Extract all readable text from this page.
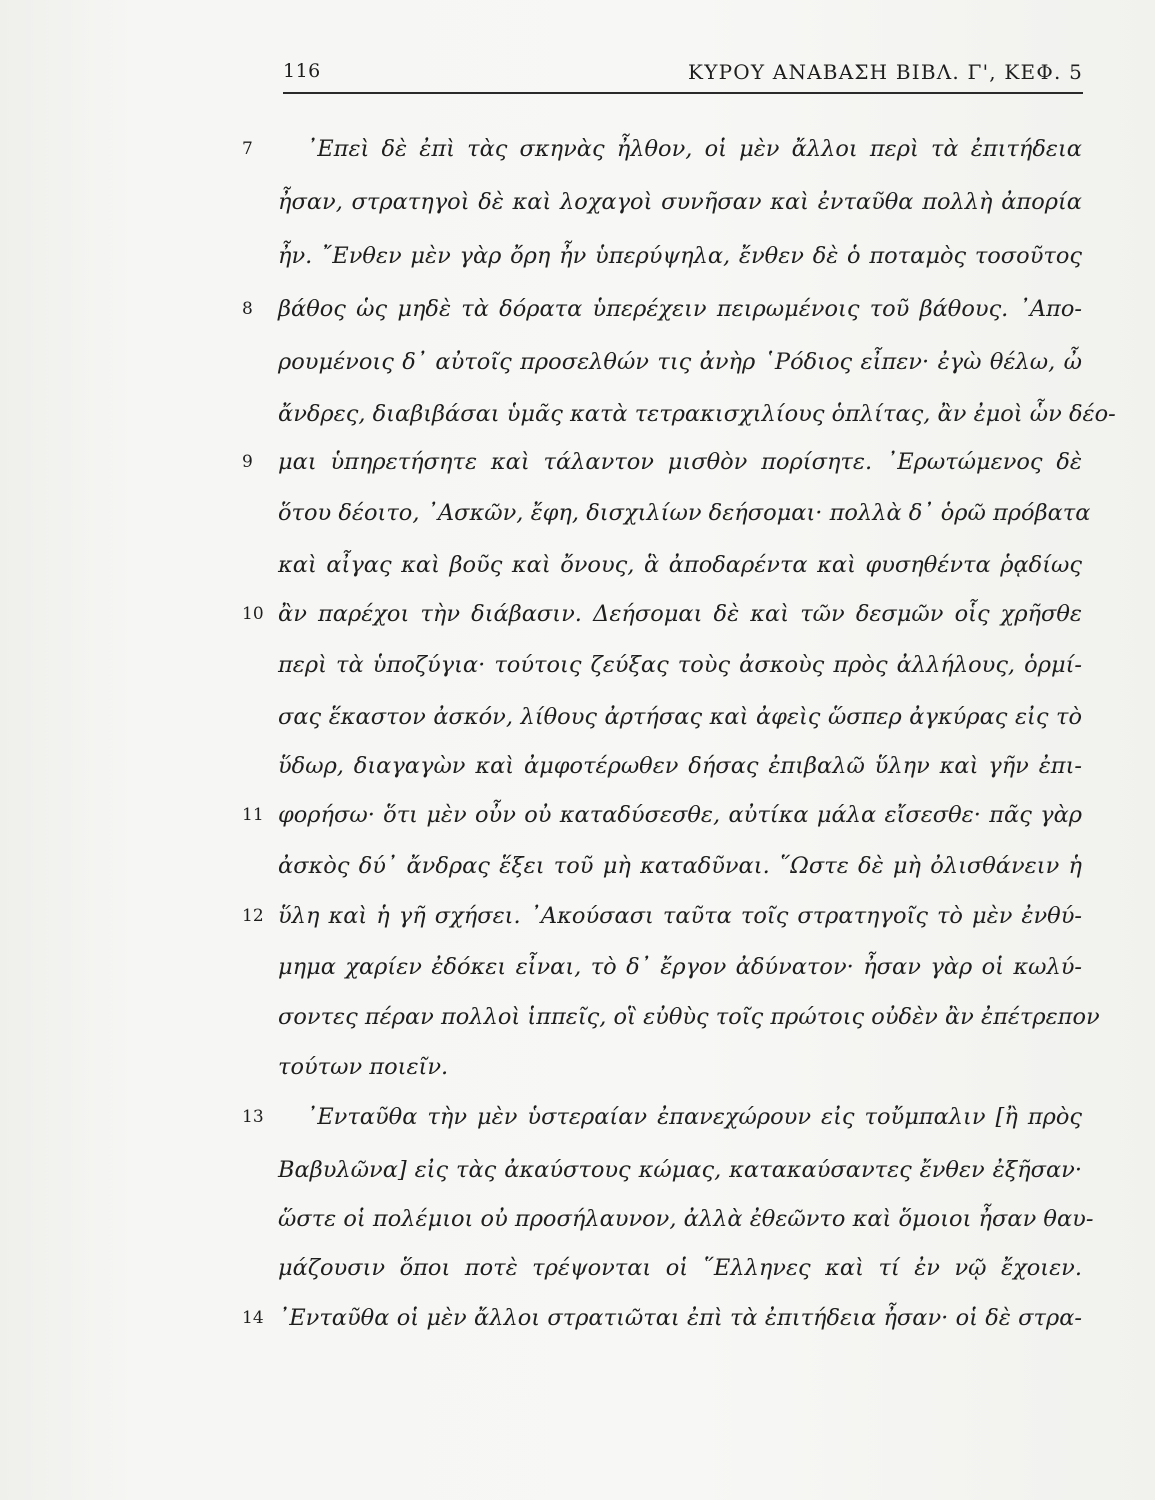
116	ΚΥΡΟΥ ΑΝΑΒΑΣΗ ΒΙΒΛ. Γ', ΚΕΦ. 5
7	᾿Επεὶ δὲ ἐπὶ τὰς σκηνὰς ἦλθον, οἱ μὲν ἄλλοι περὶ τὰ ἐπιτήδεια
ἦσαν, στρατηγοὶ δὲ καὶ λοχαγοὶ συνῆσαν καὶ ἐνταῦθα πολλὴ ἀπορία
ἦν. ῎Ενθεν μὲν γὰρ ὄρη ἦν ὑπερύψηλα, ἔνθεν δὲ ὁ ποταμὸς τοσοῦτος
8	βάθος ὡς μηδὲ τὰ δόρατα ὑπερέχειν πειρωμένοις τοῦ βάθους. ᾿Απο-
ρουμένοις δ᾿ αὐτοῖς προσελθών τις ἀνὴρ ῾Ρόδιος εἶπεν· ἐγὼ θέλω, ὦ
ἄνδρες, διαβιβάσαι ὑμᾶς κατὰ τετρακισχιλίους ὁπλίτας, ἂν ἐμοὶ ὧν δέο-
9	μαι ὑπηρετήσητε καὶ τάλαντον μισθὸν πορίσητε. ᾿Ερωτώμενος δὲ
ὅτου δέοιτο, ᾿Ασκῶν, ἔφη, δισχιλίων δεήσομαι· πολλὰ δ᾿ ὁρῶ πρόβατα
καὶ αἶγας καὶ βοῦς καὶ ὄνους, ἃ ἀποδαρέντα καὶ φυσηθέντα ῥᾳδίως
10 ἂν παρέχοι τὴν διάβασιν. Δεήσομαι δὲ καὶ τῶν δεσμῶν οἷς χρῆσθε
περὶ τὰ ὑποζύγια· τούτοις ζεύξας τοὺς ἀσκοὺς πρὸς ἀλλήλους, ὁρμί-
σας ἕκαστον ἀσκόν, λίθους ἀρτήσας καὶ ἀφεὶς ὥσπερ ἀγκύρας εἰς τὸ
ὕδωρ, διαγαγὼν καὶ ἀμφοτέρωθεν δήσας ἐπιβαλῶ ὕλην καὶ γῆν ἐπι-
11 φορήσω· ὅτι μὲν οὖν οὐ καταδύσεσθε, αὐτίκα μάλα εἴσεσθε· πᾶς γὰρ
ἀσκὸς δύ᾿ ἄνδρας ἕξει τοῦ μὴ καταδῦναι. ῞Ωστε δὲ μὴ ὀλισθάνειν ἡ
12 ὕλη καὶ ἡ γῆ σχήσει. ᾿Ακούσασι ταῦτα τοῖς στρατηγοῖς τὸ μὲν ἐνθύ-
μημα χαρίεν ἐδόκει εἶναι, τὸ δ᾿ ἔργον ἀδύνατον· ἦσαν γὰρ οἱ κωλύ-
σοντες πέραν πολλοὶ ἱππεῖς, οἳ εὐθὺς τοῖς πρώτοις οὐδὲν ἂν ἐπέτρεπον
τούτων ποιεῖν.
13	᾿Ενταῦθα τὴν μὲν ὑστεραίαν ἐπανεχώρουν εἰς τοὔμπαλιν [ἢ πρὸς
Βαβυλῶνα] εἰς τὰς ἀκαύστους κώμας, κατακαύσαντες ἔνθεν ἐξῆσαν·
ὥστε οἱ πολέμιοι οὐ προσήλαυνον, ἀλλὰ ἐθεῶντο καὶ ὅμοιοι ἦσαν θαυ-
μάζουσιν ὅποι ποτὲ τρέψονται οἱ ῞Ελληνες καὶ τί ἐν νῷ ἔχοιεν.
14 ᾿Ενταῦθα οἱ μὲν ἄλλοι στρατιῶται ἐπὶ τὰ ἐπιτήδεια ἦσαν· οἱ δὲ στρα-
